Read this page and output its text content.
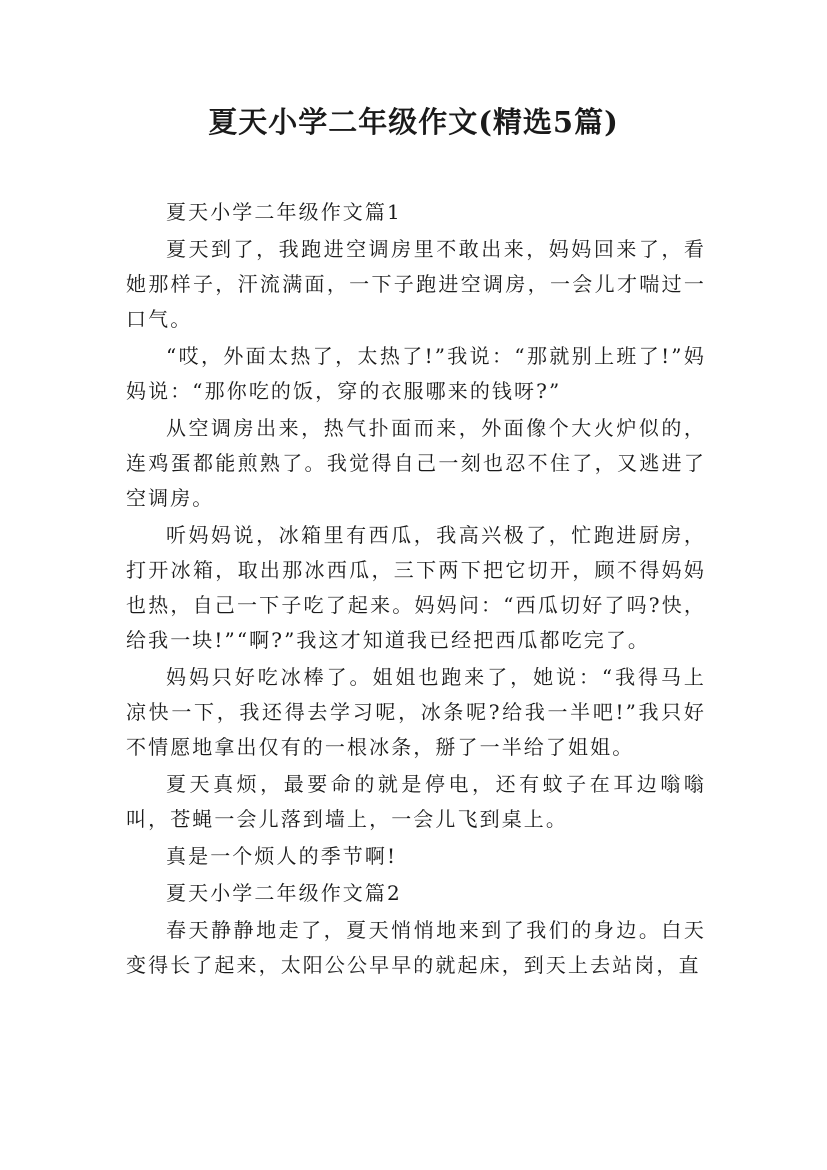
夏天小学二年级作文(精选5篇)

夏天小学二年级作文篇1

夏天到了，我跑进空调房里不敢出来，妈妈回来了，看她那样子，汗流满面，一下子跑进空调房，一会儿才喘过一口气。

“哎，外面太热了，太热了!”我说：“那就别上班了!”妈妈说：“那你吃的饭，穿的衣服哪来的钱呀?”

从空调房出来，热气扑面而来，外面像个大火炉似的，连鸡蛋都能煎熟了。我觉得自己一刻也忍不住了，又逃进了空调房。

听妈妈说，冰箱里有西瓜，我高兴极了，忙跑进厨房，打开冰箱，取出那冰西瓜，三下两下把它切开，顾不得妈妈也热，自己一下子吃了起来。妈妈问：“西瓜切好了吗?快，给我一块!”“啊?”我这才知道我已经把西瓜都吃完了。

妈妈只好吃冰棒了。姐姐也跑来了，她说：“我得马上凉快一下，我还得去学习呢，冰条呢?给我一半吧!”我只好不情愿地拿出仅有的一根冰条，掰了一半给了姐姐。

夏天真烦，最要命的就是停电，还有蚊子在耳边嗡嗡叫，苍蝇一会儿落到墙上，一会儿飞到桌上。

真是一个烦人的季节啊!

夏天小学二年级作文篇2

春天静静地走了，夏天悄悄地来到了我们的身边。白天变得长了起来，太阳公公早早的就起床，到天上去站岗，直
